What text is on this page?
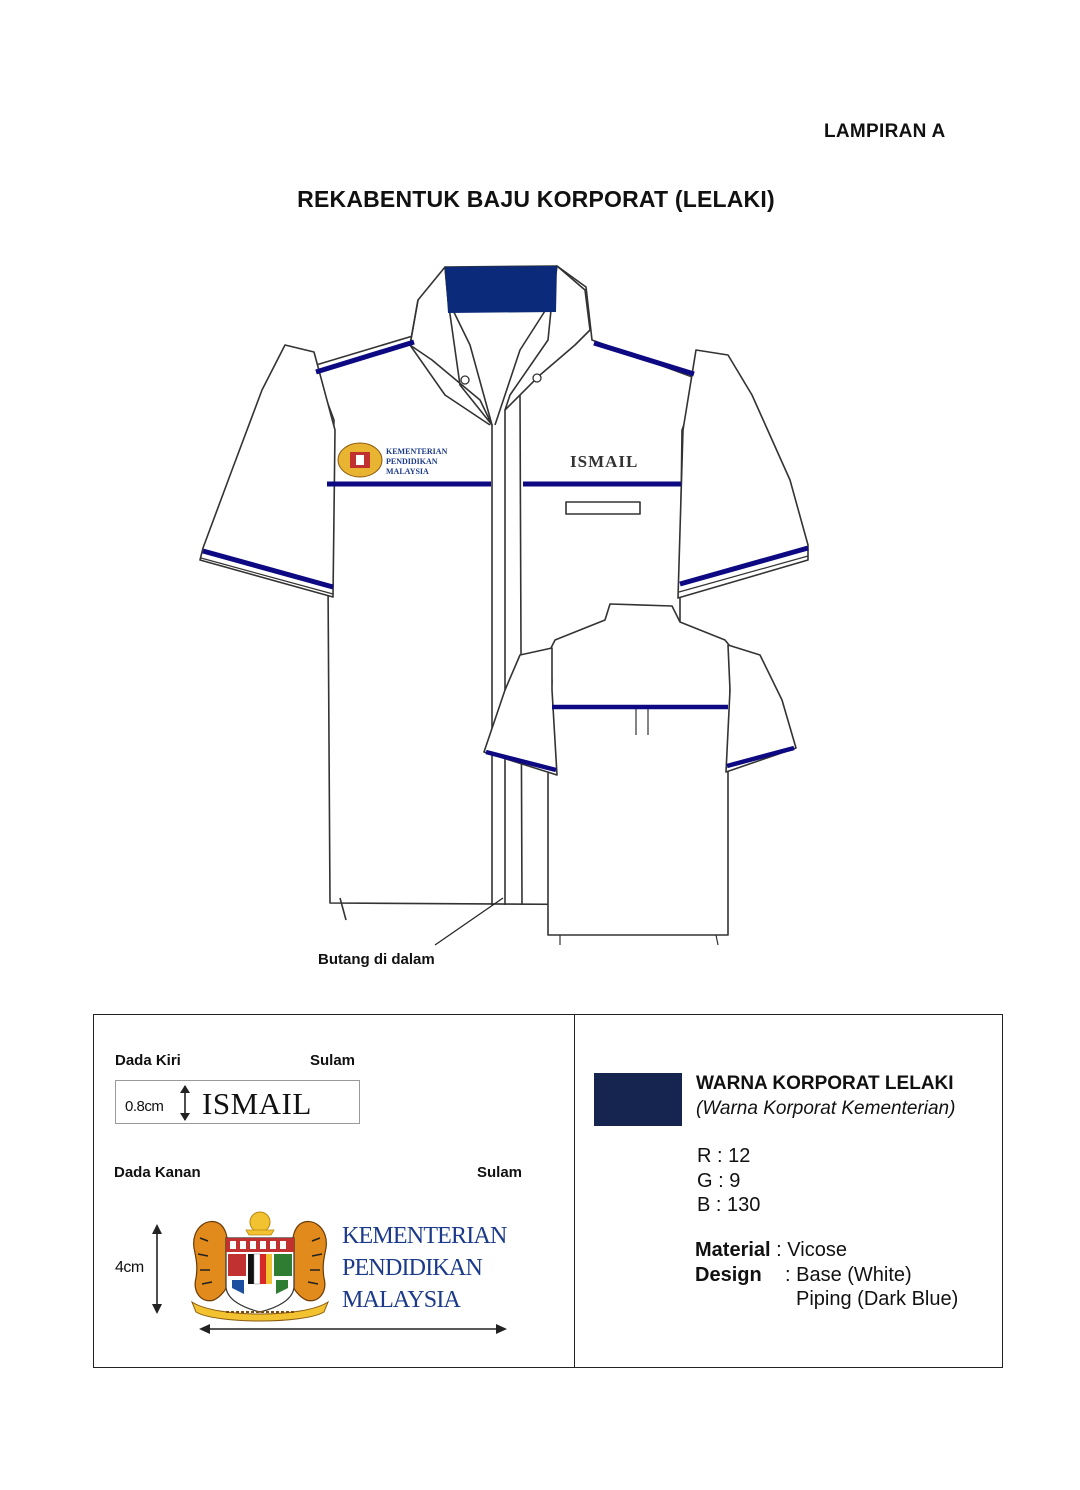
LAMPIRAN A
REKABENTUK BAJU KORPORAT (LELAKI)
ISMAIL
KEMENTERIAN
PENDIDIKAN
MALAYSIA
Butang di dalam
Dada Kiri	Sulam
0.8cm ISMAIL
Dada Kanan	Sulam
4cm
KEMENTERIAN
PENDIDIKAN
MALAYSIA
WARNA KORPORAT LELAKI
(Warna Korporat Kementerian)
R : 12
G : 9
B : 130
Material : Vicose
Design : Base (White)
Piping (Dark Blue)
